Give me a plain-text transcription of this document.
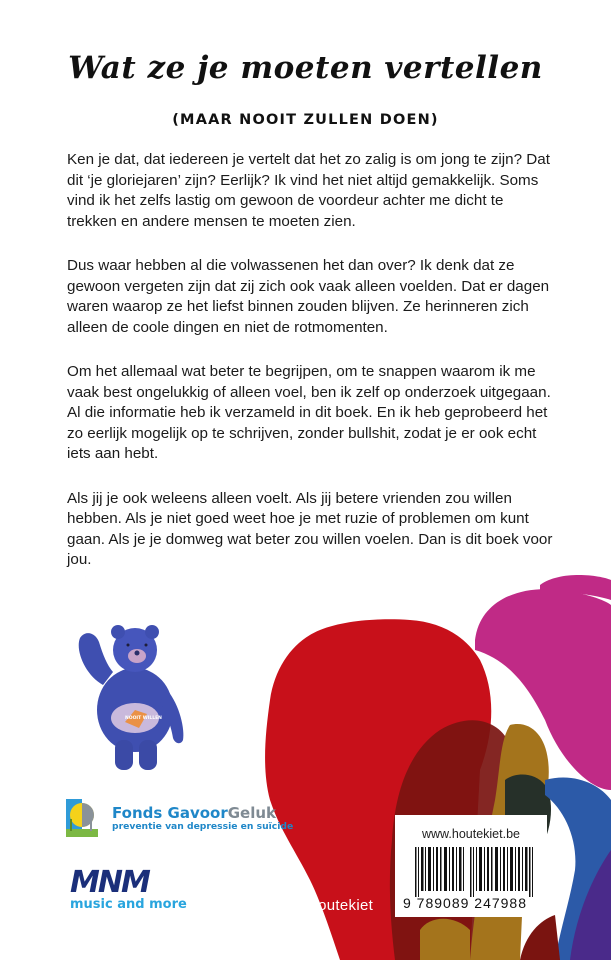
Wat ze je moeten vertellen
(MAAR NOOIT ZULLEN DOEN)

Ken je dat, dat iedereen je vertelt dat het zo zalig is om jong te zijn? Dat dit ‘je gloriejaren’ zijn? Eerlijk? Ik vind het niet altijd gemakkelijk. Soms vind ik het zelfs lastig om gewoon de voordeur achter me dicht te trekken en andere mensen te moeten zien.

Dus waar hebben al die volwassenen het dan over? Ik denk dat ze gewoon vergeten zijn dat zij zich ook vaak alleen voelden. Dat er dagen waren waarop ze het liefst binnen zouden blijven. Ze herinneren zich alleen de coole dingen en niet de rotmomenten.

Om het allemaal wat beter te begrijpen, om te snappen waarom ik me vaak best ongelukkig of alleen voel, ben ik zelf op onderzoek uitgegaan. Al die informatie heb ik verzameld in dit boek. En ik heb geprobeerd het zo eerlijk mogelijk op te schrijven, zonder bullshit, zodat je er ook echt iets aan hebt.

Als jij je ook weleens alleen voelt. Als jij betere vrienden zou willen hebben. Als je niet goed weet hoe je met ruzie of problemen om kunt gaan. Als je je domweg wat beter zou willen voelen. Dan is dit boek voor jou.

NOOIT WILLEN
Fonds GavoorGeluk
preventie van depressie en suïcide
MNM
music and more	Houtekiet
www.houtekiet.be
9 789089 247988
